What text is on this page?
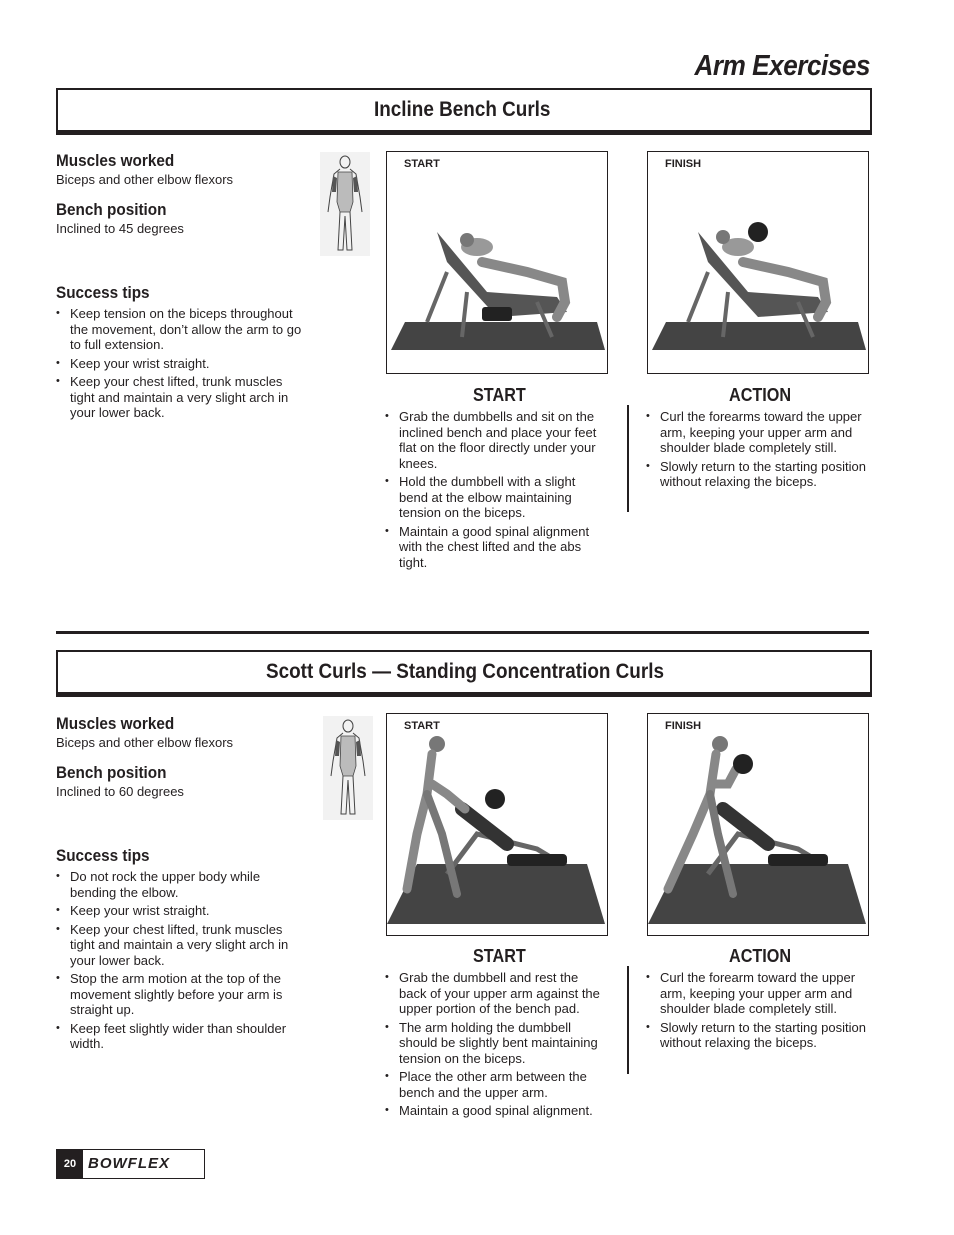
Arm Exercises
Incline Bench Curls
Muscles worked
Biceps and other elbow flexors
Bench position
Inclined to 45 degrees
Success tips
• Keep tension on the biceps throughout the movement, don’t allow the arm to go to full extension.
• Keep your wrist straight.
• Keep your chest lifted, trunk muscles tight and maintain a very slight arch in your lower back.
START	FINISH
START
• Grab the dumbbells and sit on the inclined bench and place your feet flat on the floor directly under your knees.
• Hold the dumbbell with a slight bend at the elbow maintaining tension on the biceps.
• Maintain a good spinal alignment with the chest lifted and the abs tight.
ACTION
• Curl the forearms toward the upper arm, keeping your upper arm and shoulder blade completely still.
• Slowly return to the starting position without relaxing the biceps.
Scott Curls — Standing Concentration Curls
Muscles worked
Biceps and other elbow flexors
Bench position
Inclined to 60 degrees
Success tips
• Do not rock the upper body while bending the elbow.
• Keep your wrist straight.
• Keep your chest lifted, trunk muscles tight and maintain a very slight arch in your lower back.
• Stop the arm motion at the top of the movement slightly before your arm is straight up.
• Keep feet slightly wider than shoulder width.
START	FINISH
START
• Grab the dumbbell and rest the back of your upper arm against the upper portion of the bench pad.
• The arm holding the dumbbell should be slightly bent maintaining tension on the biceps.
• Place the other arm between the bench and the upper arm.
• Maintain a good spinal alignment.
ACTION
• Curl the forearm toward the upper arm, keeping your upper arm and shoulder blade completely still.
• Slowly return to the starting position without relaxing the biceps.
20 BOWFLEX
